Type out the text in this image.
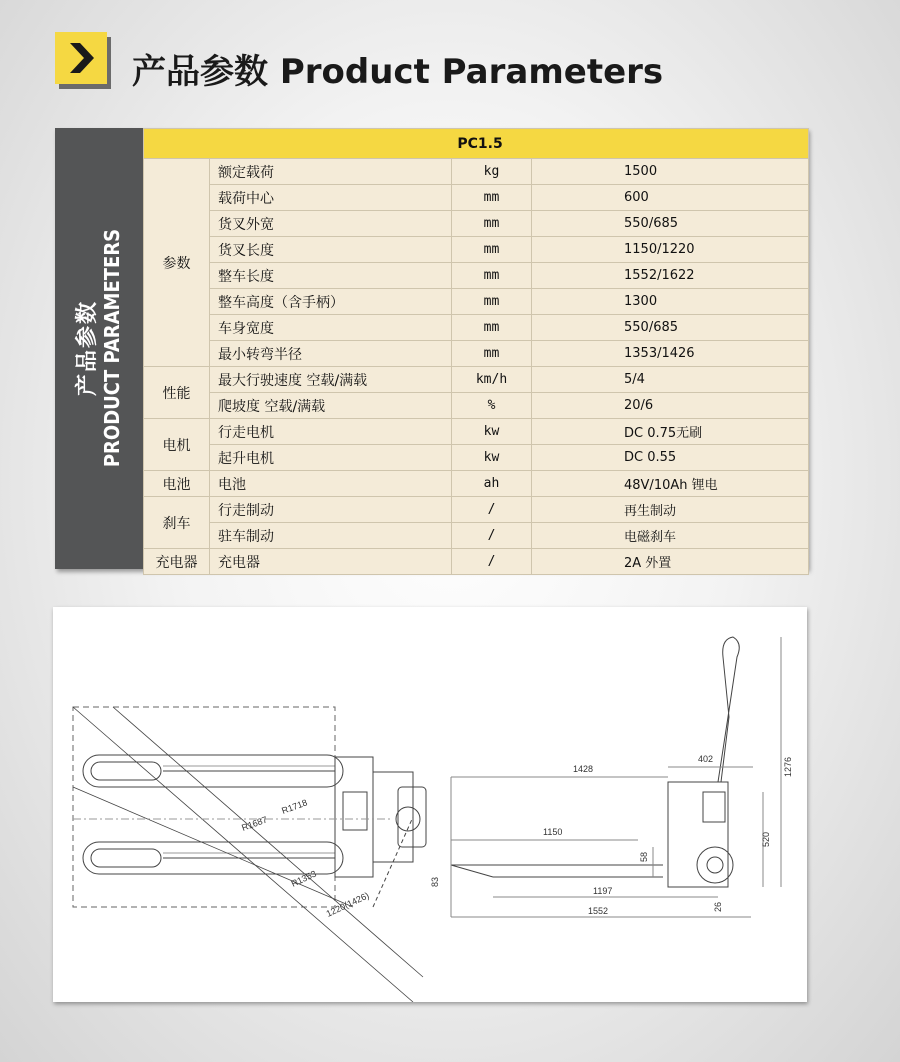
产品参数 Product Parameters
产品参数 PRODUCT PARAMETERS
PC1.5			
参数	额定载荷	kg	1500
	载荷中心	mm	600
	货叉外宽	mm	550/685
	货叉长度	mm	1150/1220
	整车长度	mm	1552/1622
	整车高度（含手柄）	mm	1300
	车身宽度	mm	550/685
	最小转弯半径	mm	1353/1426
性能	最大行驶速度 空载/满载	km/h	5/4
	爬坡度 空载/满载	%	20/6
电机	行走电机	kw	DC 0.75无刷
	起升电机	kw	DC 0.55
电池	电池	ah	48V/10Ah 锂电
刹车	行走制动	/	再生制动
	驻车制动	/	电磁刹车
充电器	充电器	/	2A 外置
R1718
R1687
R1353
1220(1426)
1428
402	1276
1150
58
520
83
1197
26
1552
